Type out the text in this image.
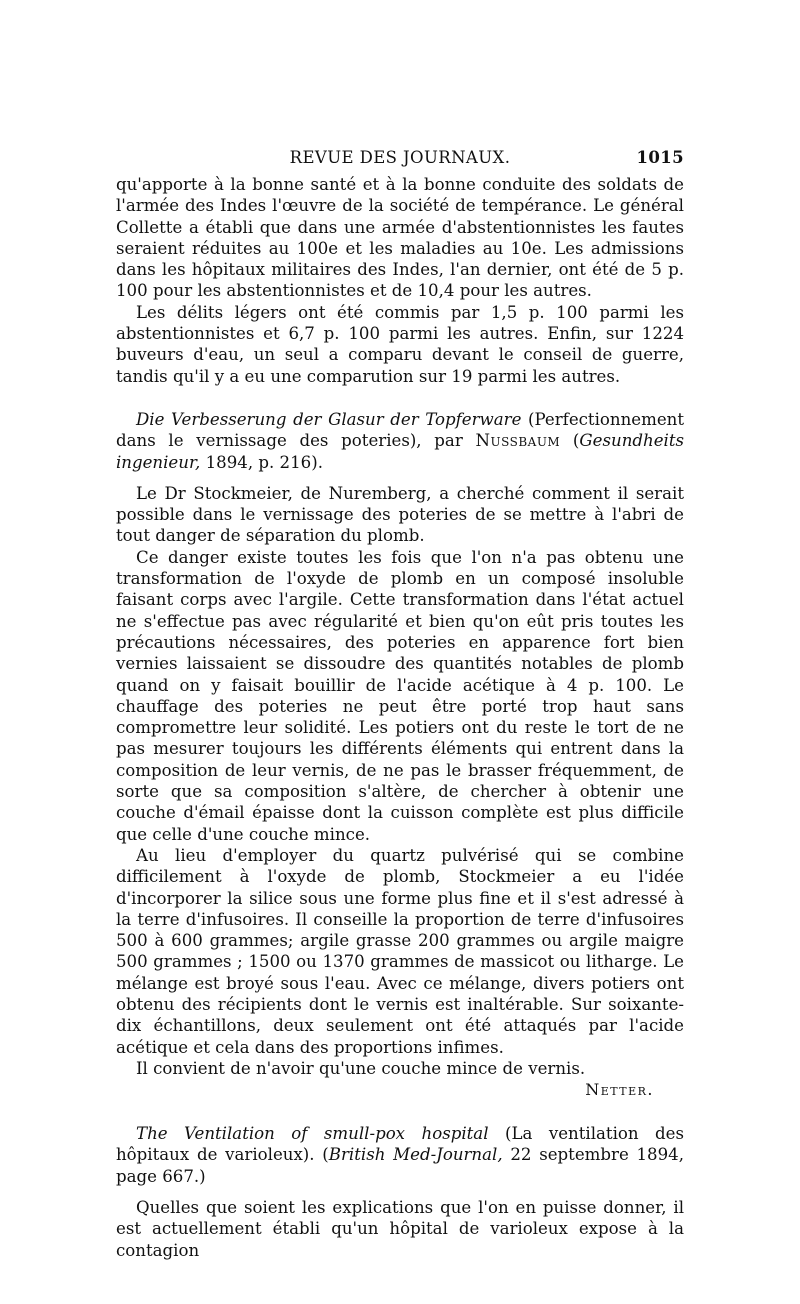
REVUE DES JOURNAUX.	1015

qu'apporte à la bonne santé et à la bonne conduite des soldats de l'armée des Indes l'œuvre de la société de tempérance. Le général Collette a établi que dans une armée d'abstentionnistes les fautes seraient réduites au 100e et les maladies au 10e. Les admissions dans les hôpitaux militaires des Indes, l'an dernier, ont été de 5 p. 100 pour les abstentionnistes et de 10,4 pour les autres.

Les délits légers ont été commis par 1,5 p. 100 parmi les abstentionnistes et 6,7 p. 100 parmi les autres. Enfin, sur 1224 buveurs d'eau, un seul a comparu devant le conseil de guerre, tandis qu'il y a eu une comparution sur 19 parmi les autres.

Die Verbesserung der Glasur der Topferware (Perfectionnement dans le vernissage des poteries), par Nussbaum (Gesundheits ingenieur, 1894, p. 216).

Le Dr Stockmeier, de Nuremberg, a cherché comment il serait possible dans le vernissage des poteries de se mettre à l'abri de tout danger de séparation du plomb.

Ce danger existe toutes les fois que l'on n'a pas obtenu une transformation de l'oxyde de plomb en un composé insoluble faisant corps avec l'argile. Cette transformation dans l'état actuel ne s'effectue pas avec régularité et bien qu'on eût pris toutes les précautions nécessaires, des poteries en apparence fort bien vernies laissaient se dissoudre des quantités notables de plomb quand on y faisait bouillir de l'acide acétique à 4 p. 100. Le chauffage des poteries ne peut être porté trop haut sans compromettre leur solidité. Les potiers ont du reste le tort de ne pas mesurer toujours les différents éléments qui entrent dans la composition de leur vernis, de ne pas le brasser fréquemment, de sorte que sa composition s'altère, de chercher à obtenir une couche d'émail épaisse dont la cuisson complète est plus difficile que celle d'une couche mince.

Au lieu d'employer du quartz pulvérisé qui se combine difficilement à l'oxyde de plomb, Stockmeier a eu l'idée d'incorporer la silice sous une forme plus fine et il s'est adressé à la terre d'infusoires. Il conseille la proportion de terre d'infusoires 500 à 600 grammes; argile grasse 200 grammes ou argile maigre 500 grammes ; 1500 ou 1370 grammes de massicot ou litharge. Le mélange est broyé sous l'eau. Avec ce mélange, divers potiers ont obtenu des récipients dont le vernis est inaltérable. Sur soixante-dix échantillons, deux seulement ont été attaqués par l'acide acétique et cela dans des proportions infimes.

Il convient de n'avoir qu'une couche mince de vernis.

Netter.

The Ventilation of smull-pox hospital (La ventilation des hôpitaux de varioleux). (British Med-Journal, 22 septembre 1894, page 667.)

Quelles que soient les explications que l'on en puisse donner, il est actuellement établi qu'un hôpital de varioleux expose à la contagion
